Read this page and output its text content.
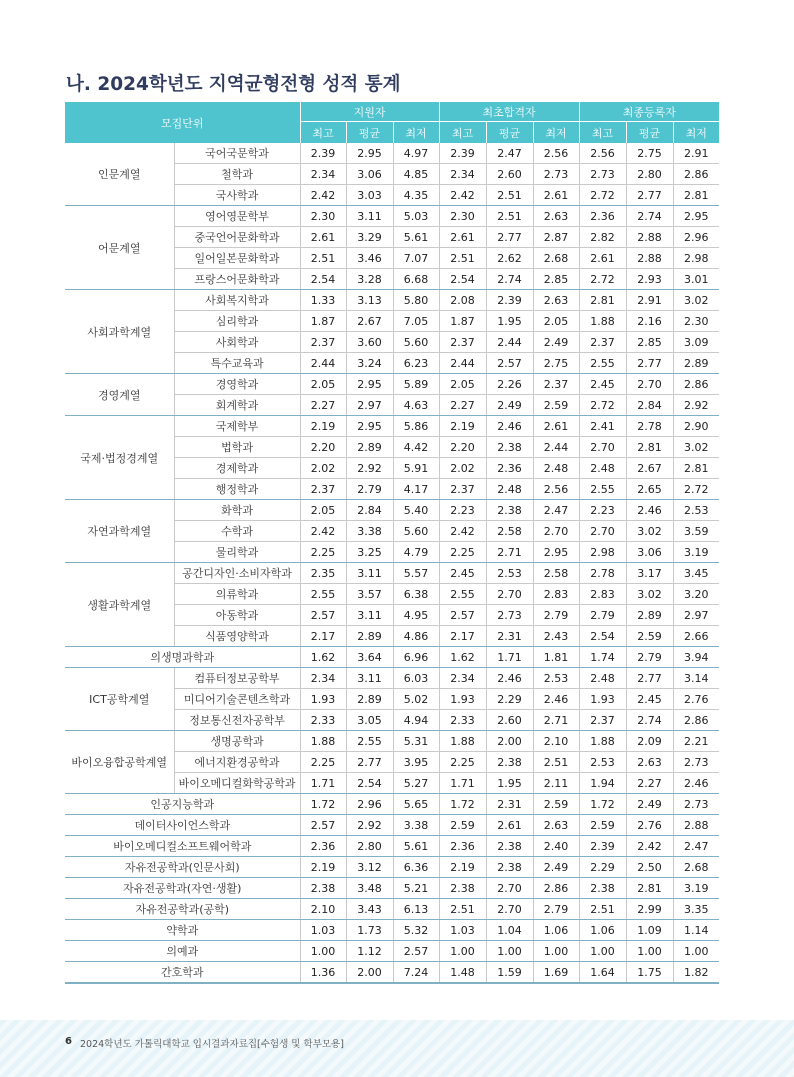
나. 2024학년도 지역균형전형 성적 통계
모집단위		지원자			최초합격자			최종등록자		
		최고	평균	최저	최고	평균	최저	최고	평균	최저
인문계열	국어국문학과	2.39	2.95	4.97	2.39	2.47	2.56	2.56	2.75	2.91
	철학과	2.34	3.06	4.85	2.34	2.60	2.73	2.73	2.80	2.86
	국사학과	2.42	3.03	4.35	2.42	2.51	2.61	2.72	2.77	2.81
어문계열	영어영문학부	2.30	3.11	5.03	2.30	2.51	2.63	2.36	2.74	2.95
	중국언어문화학과	2.61	3.29	5.61	2.61	2.77	2.87	2.82	2.88	2.96
	일어일본문화학과	2.51	3.46	7.07	2.51	2.62	2.68	2.61	2.88	2.98
	프랑스어문화학과	2.54	3.28	6.68	2.54	2.74	2.85	2.72	2.93	3.01
사회과학계열	사회복지학과	1.33	3.13	5.80	2.08	2.39	2.63	2.81	2.91	3.02
	심리학과	1.87	2.67	7.05	1.87	1.95	2.05	1.88	2.16	2.30
	사회학과	2.37	3.60	5.60	2.37	2.44	2.49	2.37	2.85	3.09
	특수교육과	2.44	3.24	6.23	2.44	2.57	2.75	2.55	2.77	2.89
경영계열	경영학과	2.05	2.95	5.89	2.05	2.26	2.37	2.45	2.70	2.86
	회계학과	2.27	2.97	4.63	2.27	2.49	2.59	2.72	2.84	2.92
국제·법정경계열	국제학부	2.19	2.95	5.86	2.19	2.46	2.61	2.41	2.78	2.90
	법학과	2.20	2.89	4.42	2.20	2.38	2.44	2.70	2.81	3.02
	경제학과	2.02	2.92	5.91	2.02	2.36	2.48	2.48	2.67	2.81
	행정학과	2.37	2.79	4.17	2.37	2.48	2.56	2.55	2.65	2.72
자연과학계열	화학과	2.05	2.84	5.40	2.23	2.38	2.47	2.23	2.46	2.53
	수학과	2.42	3.38	5.60	2.42	2.58	2.70	2.70	3.02	3.59
	물리학과	2.25	3.25	4.79	2.25	2.71	2.95	2.98	3.06	3.19
생활과학계열	공간디자인·소비자학과	2.35	3.11	5.57	2.45	2.53	2.58	2.78	3.17	3.45
	의류학과	2.55	3.57	6.38	2.55	2.70	2.83	2.83	3.02	3.20
	아동학과	2.57	3.11	4.95	2.57	2.73	2.79	2.79	2.89	2.97
	식품영양학과	2.17	2.89	4.86	2.17	2.31	2.43	2.54	2.59	2.66
의생명과학과		1.62	3.64	6.96	1.62	1.71	1.81	1.74	2.79	3.94
ICT공학계열	컴퓨터정보공학부	2.34	3.11	6.03	2.34	2.46	2.53	2.48	2.77	3.14
	미디어기술콘텐츠학과	1.93	2.89	5.02	1.93	2.29	2.46	1.93	2.45	2.76
	정보통신전자공학부	2.33	3.05	4.94	2.33	2.60	2.71	2.37	2.74	2.86
바이오융합공학계열	생명공학과	1.88	2.55	5.31	1.88	2.00	2.10	1.88	2.09	2.21
	에너지환경공학과	2.25	2.77	3.95	2.25	2.38	2.51	2.53	2.63	2.73
	바이오메디컬화학공학과	1.71	2.54	5.27	1.71	1.95	2.11	1.94	2.27	2.46
인공지능학과		1.72	2.96	5.65	1.72	2.31	2.59	1.72	2.49	2.73
데이터사이언스학과		2.57	2.92	3.38	2.59	2.61	2.63	2.59	2.76	2.88
바이오메디컬소프트웨어학과		2.36	2.80	5.61	2.36	2.38	2.40	2.39	2.42	2.47
자유전공학과(인문사회)		2.19	3.12	6.36	2.19	2.38	2.49	2.29	2.50	2.68
자유전공학과(자연·생활)		2.38	3.48	5.21	2.38	2.70	2.86	2.38	2.81	3.19
자유전공학과(공학)		2.10	3.43	6.13	2.51	2.70	2.79	2.51	2.99	3.35
약학과		1.03	1.73	5.32	1.03	1.04	1.06	1.06	1.09	1.14
의예과		1.00	1.12	2.57	1.00	1.00	1.00	1.00	1.00	1.00
간호학과		1.36	2.00	7.24	1.48	1.59	1.69	1.64	1.75	1.82
6 2024학년도 가톨릭대학교 입시결과자료집[수험생 및 학부모용]
